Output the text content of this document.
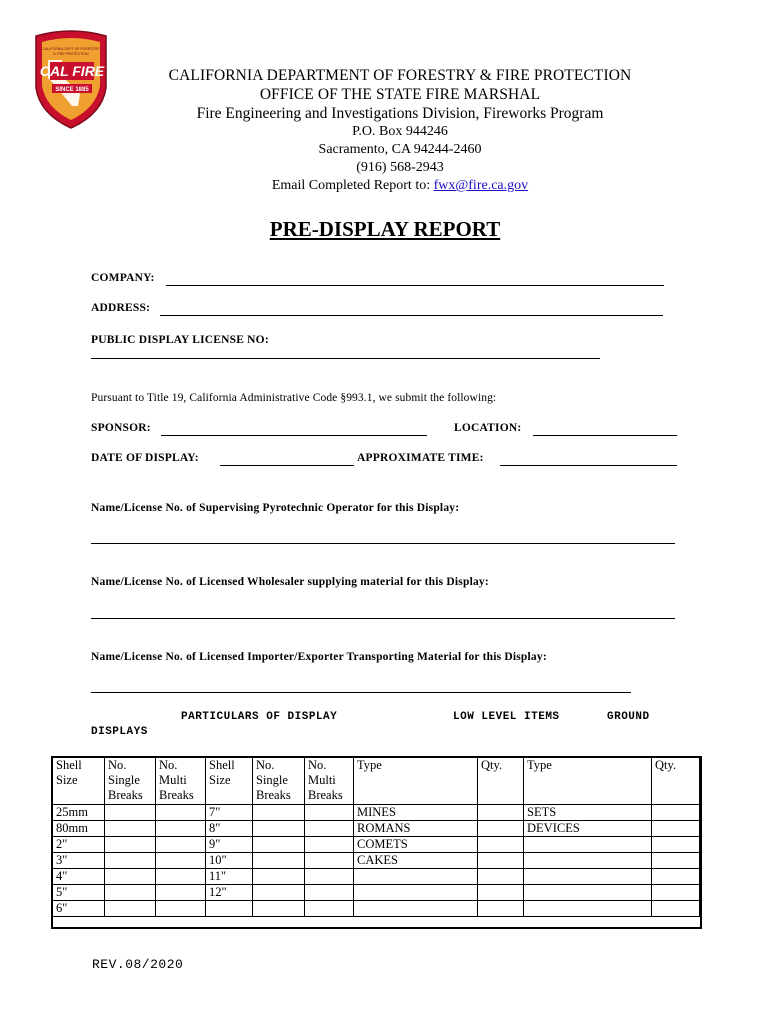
CAL FIRE
SINCE 1885
CALIFORNIA DEPT OF FORESTRY
& FIRE PROTECTION
CALIFORNIA DEPARTMENT OF FORESTRY & FIRE PROTECTION
OFFICE OF THE STATE FIRE MARSHAL
Fire Engineering and Investigations Division, Fireworks Program
P.O. Box 944246
Sacramento, CA 94244-2460
(916) 568-2943
Email Completed Report to: fwx@fire.ca.gov
PRE-DISPLAY REPORT
COMPANY:
ADDRESS:
PUBLIC DISPLAY LICENSE NO:
Pursuant to Title 19, California Administrative Code §993.1, we submit the following:
SPONSOR:	LOCATION:
DATE OF DISPLAY:	APPROXIMATE TIME:
Name/License No. of Supervising Pyrotechnic Operator for this Display:
Name/License No. of Licensed Wholesaler supplying material for this Display:
Name/License No. of Licensed Importer/Exporter Transporting Material for this Display:
PARTICULARS OF DISPLAY	LOW LEVEL ITEMS	GROUND
DISPLAYS
Shell Size	No. Single Breaks	No. Multi Breaks	Shell Size	No. Single Breaks	No. Multi Breaks	Type	Qty.	Type	Qty.
25mm			7"			MINES		SETS	
80mm			8"			ROMANS		DEVICES	
2"			9"			COMETS			
3"			10"			CAKES			
4"			11"						
5"			12"						
6"									
REV.08/2020
